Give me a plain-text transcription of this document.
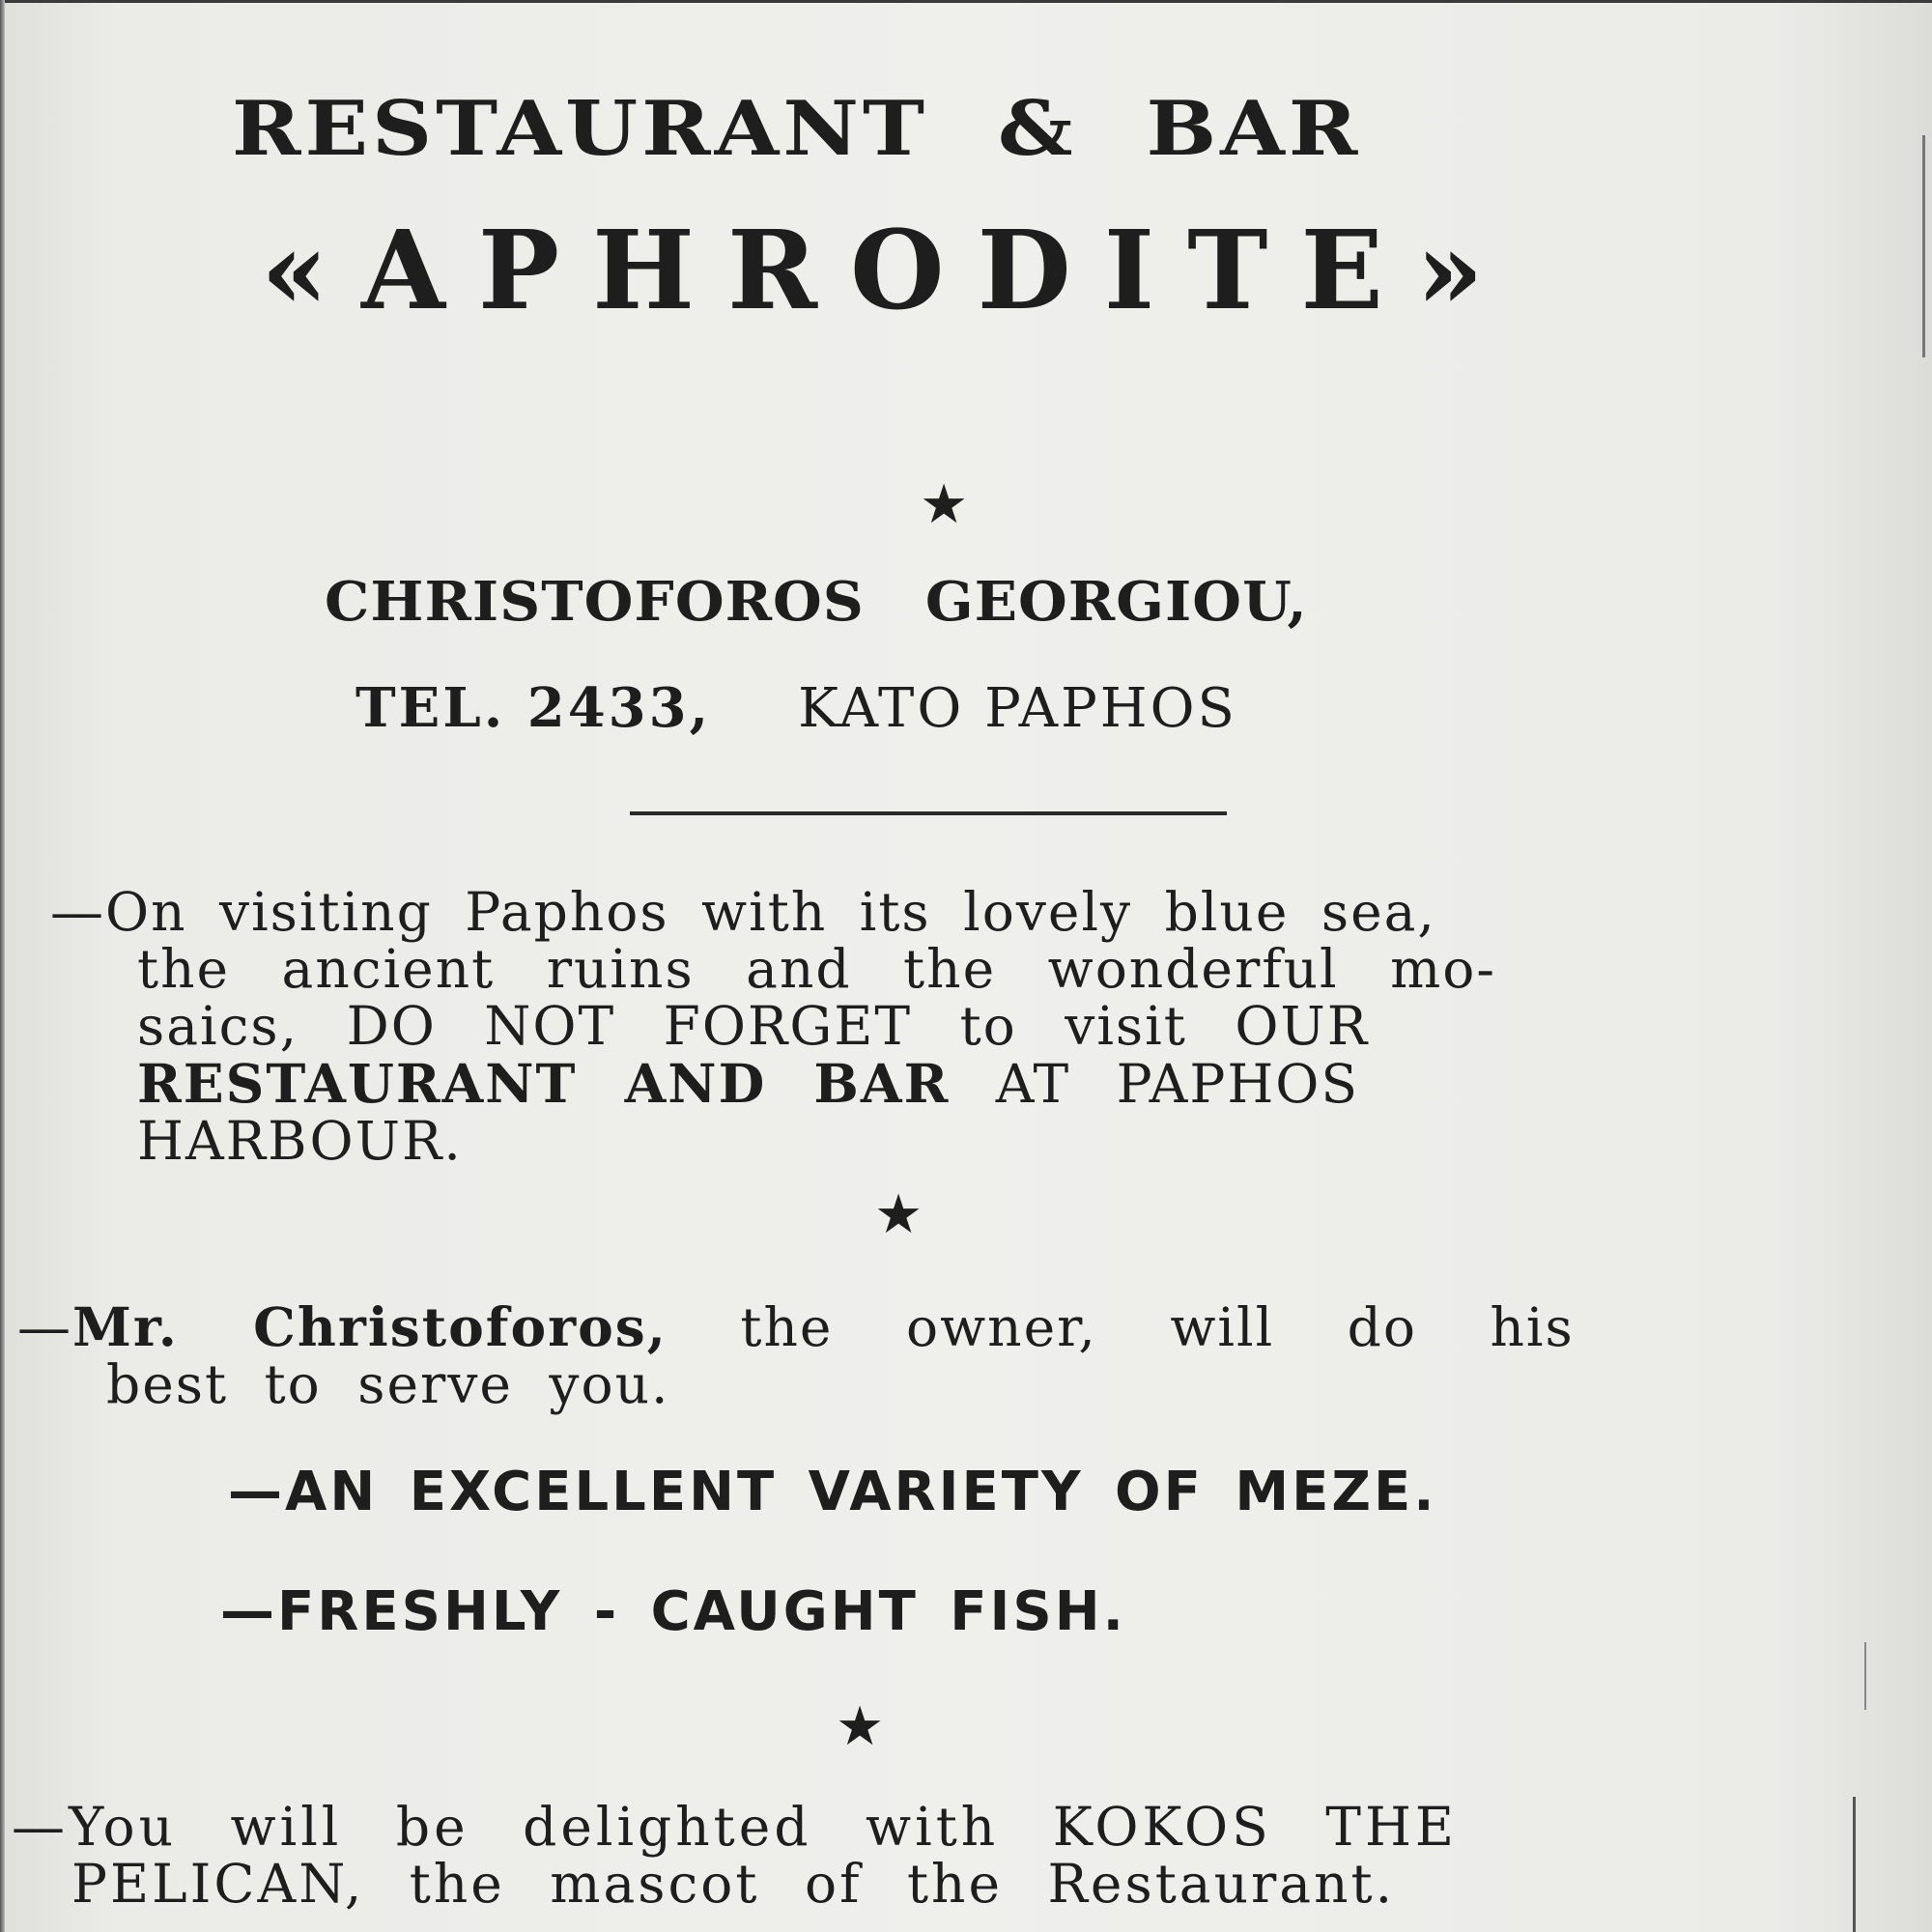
RESTAURANT & BAR
«APHRODITE»
★
CHRISTOFOROS GEORGIOU,
TEL. 2433, KATO PAPHOS
—On visiting Paphos with its lovely blue sea,
the ancient ruins and the wonderful mo-
saics, DO NOT FORGET to visit OUR
RESTAURANT AND BAR AT PAPHOS
HARBOUR.
★
—Mr. Christoforos, the owner, will do his
best to serve you.
—AN EXCELLENT VARIETY OF MEZE.
—FRESHLY - CAUGHT FISH.
★
—You will be delighted with KOKOS THE
PELICAN, the mascot of the Restaurant.
